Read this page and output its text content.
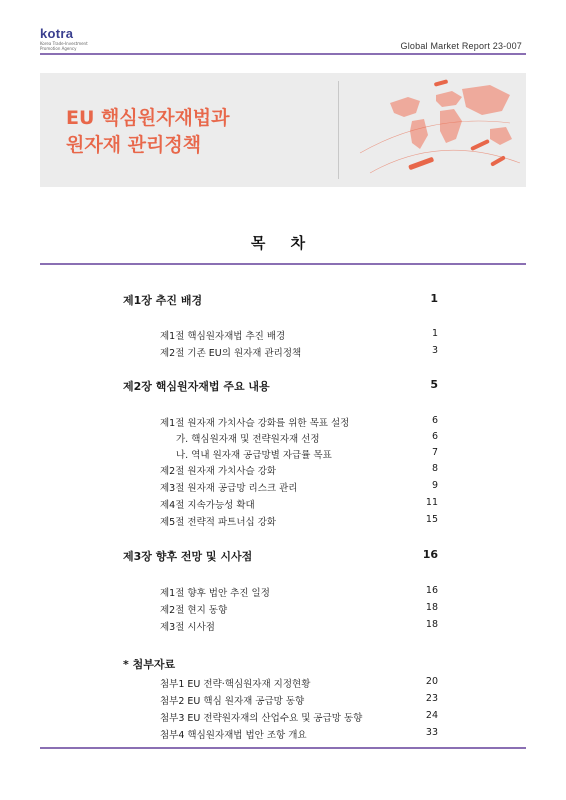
kotra
Korea Trade-Investment
Promotion Agency	Global Market Report 23-007
EU 핵심원자재법과
원자재 관리정책
목 차
제1장 추진 배경	1
제1절 핵심원자재법 추진 배경	1
제2절 기존 EU의 원자재 관리정책	3
제2장 핵심원자재법 주요 내용	5
제1절 원자재 가치사슬 강화를 위한 목표 설정	6
가. 핵심원자재 및 전략원자재 선정	6
나. 역내 원자재 공급망별 자급률 목표	7
제2절 원자재 가치사슬 강화	8
제3절 원자재 공급망 리스크 관리	9
제4절 지속가능성 확대	11
제5절 전략적 파트너십 강화	15
제3장 향후 전망 및 시사점	16
제1절 향후 법안 추진 일정	16
제2절 현지 동향	18
제3절 시사점	18
* 첨부자료
첨부1 EU 전략·핵심원자재 지정현황	20
첨부2 EU 핵심 원자재 공급망 동향	23
첨부3 EU 전략원자재의 산업수요 및 공급망 동향	24
첨부4 핵심원자재법 법안 조항 개요	33
